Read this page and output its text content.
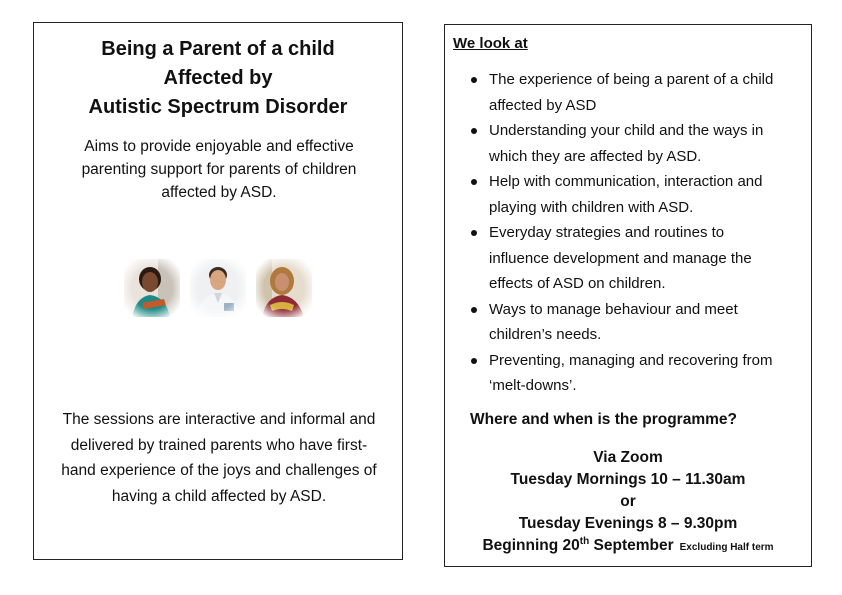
Being a Parent of a child
Affected by
Autistic Spectrum Disorder
Aims to provide enjoyable and effective
parenting support for parents of children
affected by ASD.
The sessions are interactive and informal and
delivered by trained parents who have first-
hand experience of the joys and challenges of
having a child affected by ASD.
We look at
The experience of being a parent of a child
affected by ASD
Understanding your child and the ways in
which they are affected by ASD.
Help with communication, interaction and
playing with children with ASD.
Everyday strategies and routines to
influence development and manage the
effects of ASD on children.
Ways to manage behaviour and meet
children’s needs.
Preventing, managing and recovering from
‘melt-downs’.
Where and when is the programme?
Via Zoom
Tuesday Mornings 10 – 11.30am
or
Tuesday Evenings 8 – 9.30pm
Beginning 20th September Excluding Half term
